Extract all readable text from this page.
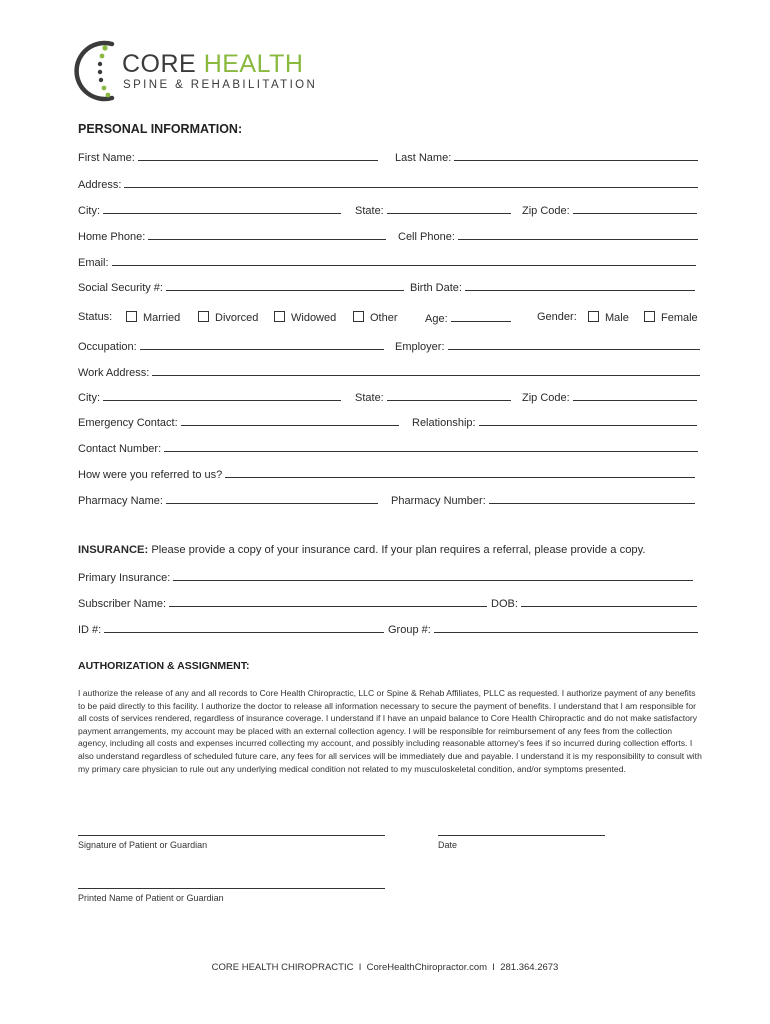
CORE HEALTH
SPINE & REHABILITATION
PERSONAL INFORMATION:
First Name:	Last Name:
Address:
City:	State:	Zip Code:
Home Phone:	Cell Phone:
Email:
Social Security #:	Birth Date:
Status:	Married	Divorced	Widowed	Other Age:	Gender:	Male	Female
Occupation:	Employer:
Work Address:
City:	State:	Zip Code:
Emergency Contact:	Relationship:
Contact Number:
How were you referred to us?
Pharmacy Name:	Pharmacy Number:
INSURANCE: Please provide a copy of your insurance card. If your plan requires a referral, please provide a copy.
Primary Insurance:
Subscriber Name:	DOB:
ID #:	Group #:
AUTHORIZATION & ASSIGNMENT:
I authorize the release of any and all records to Core Health Chiropractic, LLC or Spine & Rehab Affiliates, PLLC as requested. I authorize payment of any benefits to be paid directly to this facility. I authorize the doctor to release all information necessary to secure the payment of benefits. I understand that I am responsible for all costs of services rendered, regardless of insurance coverage. I understand if I have an unpaid balance to Core Health Chiropractic and do not make satisfactory payment arrangements, my account may be placed with an external collection agency. I will be responsible for reimbursement of any fees from the collection agency, including all costs and expenses incurred collecting my account, and possibly including reasonable attorney's fees if so incurred during collection efforts. I also understand regardless of scheduled future care, any fees for all services will be immediately due and payable. I understand it is my responsibility to consult with my primary care physician to rule out any underlying medical condition not related to my musculoskeletal condition, and/or symptoms presented.
Signature of Patient or Guardian	Date
Printed Name of Patient or Guardian
CORE HEALTH CHIROPRACTIC  I  CoreHealthChiropractor.com  I  281.364.2673
